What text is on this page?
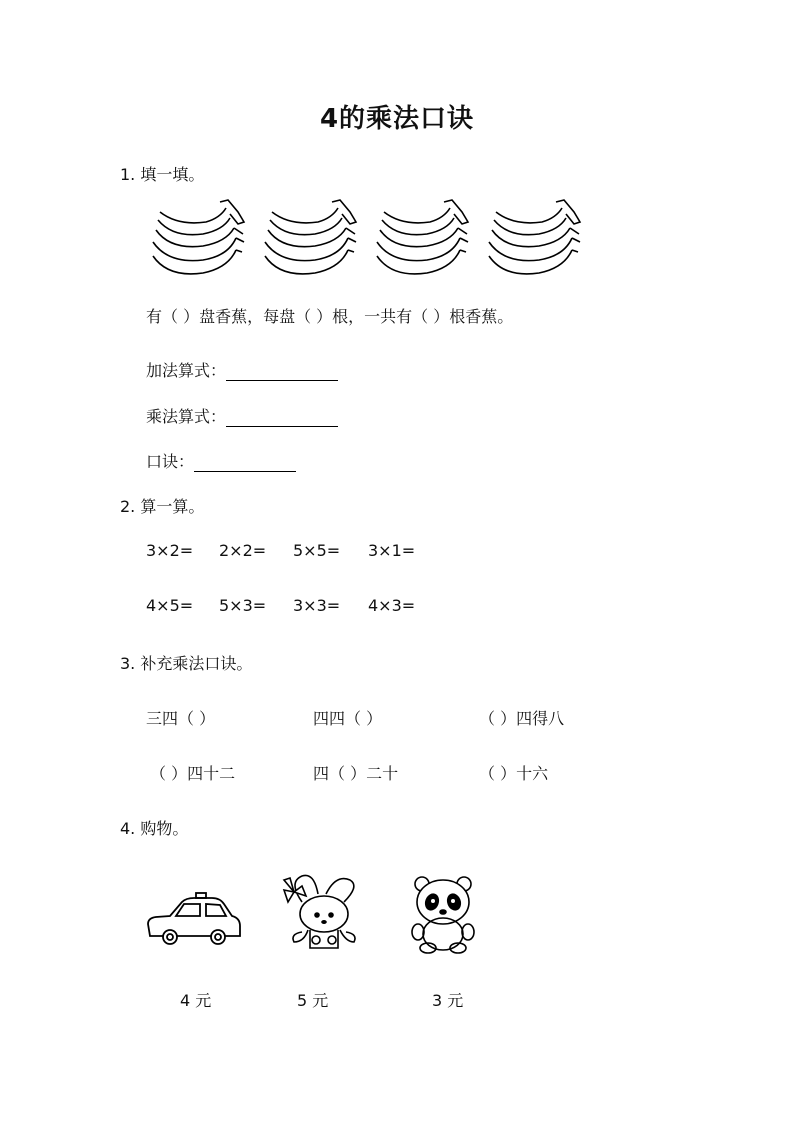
4的乘法口诀
1. 填一填。
有（ ）盘香蕉，每盘（ ）根，一共有（ ）根香蕉。
加法算式：
乘法算式：
口诀：
2. 算一算。
3×2= 2×2= 5×5= 3×1=
4×5= 5×3= 3×3= 4×3=
3. 补充乘法口诀。
三四（ ）	四四（ ）	（ ）四得八
（ ）四十二	四（ ）二十	（ ）十六
4. 购物。
4 元	5 元	3 元
